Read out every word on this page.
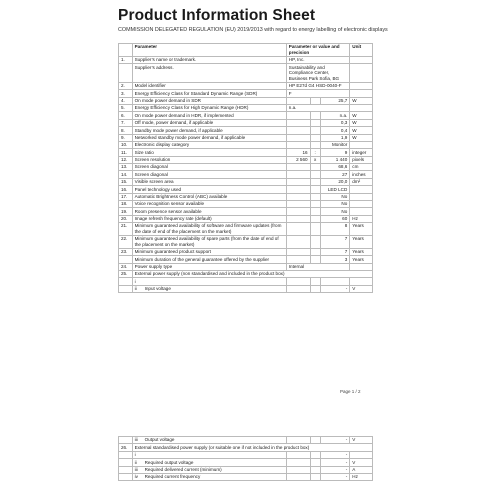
Product Information Sheet
COMMISSION DELEGATED REGULATION (EU) 2019/2013 with regard to energy labelling of electronic displays
	Parameter	Parameter or value and precision			Unit
1.	Supplier’s name or trademark.	HP, Inc.			
	Supplier’s address.	Sustainability and Compliance Center, Business Park Sofia, BG			
2.	Model identifier	HP E27d G4 HSD-0040-F			
3.	Energy Efficiency Class for Standard Dynamic Range (SDR)	F			
4.	On mode power demand in SDR			25,7	W
5.	Energy Efficiency Class for High Dynamic Range (HDR)	n.a.			
6.	On mode power demand in HDR, if implemented			n.a.	W
7.	Off mode, power demand, if applicable			0,3	W
8.	Standby mode power demand, if applicable			0,4	W
9.	Networked standby mode power demand, if applicable			1,9	W
10.	Electronic display category			Monitor	
11.	Size ratio	16	:	9	integer
12.	Screen resolution	2 560	x	1 440	pixels
13.	Screen diagonal			68,6	cm
14.	Screen diagonal			27	inches
15.	Visible screen area			20,0	dm²
16.	Panel technology used			LED LCD	
17.	Automatic Brightness Control (ABC) available			No	
18.	Voice recognition sensor available			No	
19.	Room presence sensor available			No	
20.	Image refresh frequency rate (default)			60	Hz
21.	Minimum guaranteed availability of software and firmware updates (from the date of end of the placement on the market)			8	Years
22.	Minimum guaranteed availability of spare parts (from the date of end of the placement on the market)			7	Years
23.	Minimum guaranteed product support			7	Years
	Minimum duration of the general guarantee offered by the supplier			3	Years
24.	Power supply type	Internal			
25.	External power supply (non standardised and included in the product box)				
	i				
	ii Input voltage			-	V
Page 1 / 2
	iii Output voltage			-	V
26.	External standardised power supply (or suitable one if not included in the product box)				
	i			-	
	ii Required output voltage			-	V
	iii Required delivered current (minimum)			-	A
	iv Required current frequency			-	Hz
